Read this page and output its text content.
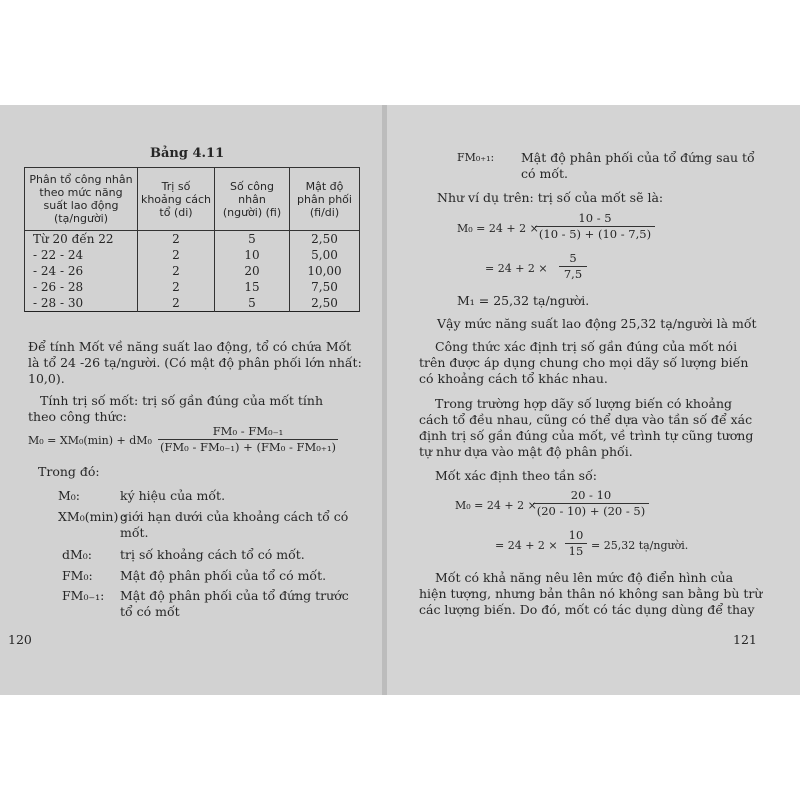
Bảng 4.11
Phân tổ công nhân theo mức năng suất lao động (tạ/người)	Trị số khoảng cách tổ (di)	Số công nhân (người) (fi)	Mật độ phân phối (fi/di)
Từ 20 đến 22	2	5	2,50
- 22 - 24	2	10	5,00
- 24 - 26	2	20	10,00
- 26 - 28	2	15	7,50
- 28 - 30	2	5	2,50
Để tính Mốt về năng suất lao động, tổ có chứa Mốt
là tổ 24 -26 tạ/người. (Có mật độ phân phối lớn nhất:
10,0).
Tính trị số mốt: trị số gần đúng của mốt tính
theo công thức:
M₀ = XM₀(min) + dM₀
FM₀ - FM₀₋₁
(FM₀ - FM₀₋₁) + (FM₀ - FM₀₊₁)
Trong đó:
M₀:	ký hiệu của mốt.
XM₀(min) :
giới hạn dưới của khoảng cách tổ có
mốt.
dM₀: trị số khoảng cách tổ có mốt.
FM₀: Mật độ phân phối của tổ có mốt.
FM₀₋₁: Mật độ phân phối của tổ đứng trước
tổ có mốt
120
FM₀₊₁: Mật độ phân phối của tổ đứng sau tổ
có mốt.
Như ví dụ trên: trị số của mốt sẽ là:
M₀ = 24 + 2 ×
10 - 5
(10 - 5) + (10 - 7,5)
= 24 + 2 ×
5
7,5
M₁ = 25,32 tạ/người.
Vậy mức năng suất lao động 25,32 tạ/người là mốt
Công thức xác định trị số gần đúng của mốt nói
trên được áp dụng chung cho mọi dãy số lượng biến
có khoảng cách tổ khác nhau.
Trong trường hợp dãy số lượng biến có khoảng
cách tổ đều nhau, cũng có thể dựa vào tần số để xác
định trị số gần đúng của mốt, về trình tự cũng tương
tự như dựa vào mật độ phân phối.
Mốt xác định theo tần số:
M₀ = 24 + 2 ×
20 - 10
(20 - 10) + (20 - 5)
= 24 + 2 ×
10
15 = 25,32 tạ/người.
Mốt có khả năng nêu lên mức độ điển hình của
hiện tượng, nhưng bản thân nó không san bằng bù trừ
các lượng biến. Do đó, mốt có tác dụng dùng để thay
121
